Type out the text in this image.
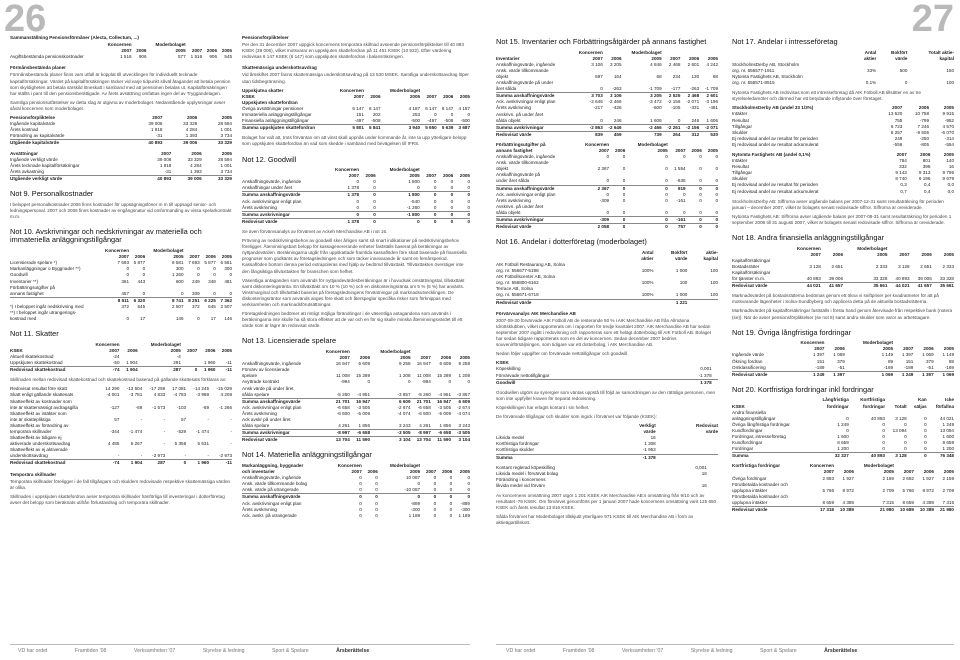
26	27
Sammanställning Pensionsförmåner (Alecta, Collectum, ...)
	Koncernen		Moderbolaget			
	2007	2006	2005	2007	2006	2005
Avgiftsbestämda pensionskostnader	1 516	906	577	1 516	906	545
Förmånsbestämda planer
Förmånsbestämda planer finns vars utfall är kopplat till utvecklingen för individuellt tecknade kapitalförsäkringar. Värdet på kapitalförsäkringen täcker vid varje tidpunkt såväl åtagandet att betala pension som skyldigheten att betala särskild löneskatt i samband med att pensionen betalas ut. Kapitalförsäkringen har ställts i pant till den pensionsberättigade. Av årets avsättning omfattas ingen del av Tryggandelagen.
Samtliga pensionsutfästelser av detta slag är utgivna av moderbolaget. Nedanstående upplysningar avser såväl koncernen som moderbolaget.
Pensionsförpliktelse	2007	2006	2005
Ingående kapitalvärde	39 006	33 329	28 594
Årets kostnad	1 918	4 284	1 001
Förändring av kapitalvärde	-31	1 393	3 734
Utgående kapitalvärde	40 893	39 006	33 329
Avsättningar	2007	2006	2005
Ingående verkligt värde	39 006	33 329	28 594
Årets tecknade kapitalförsäkringar	1 918	4 284	1 001
Årets avkastning	-31	1 393	3 734
Utgående verkligt värde	40 893	39 006	33 329
Not 9. Personalkostnader
I beloppet personalkostnader 2006 finns kostnader för uppsägningslöner m m till uppsagd senior- och ledningspersonal. 2007 och 2006 finns kostnader av engångsnatur vid omformanding av vissa spelarkontrakt m.m.
Not 10. Avskrivningar och nedskrivningar av materiella och immateriella anläggningstillgångar
	Koncernen		Moderbolaget			
	2007	2006	2005	2007	2006	2005
Licensierade spelare *)	7 693	5 877	6 581	7 693	5 877	6 581
Markanläggningar o Byggnader **)	0	0	300	0	0	300
Goodwill	0	0	1 260	0	0	0
Inventarier **)	361	443	600	249	348	481
Förbättringsutgifter på						
annans fastighet	457	0	0	309	0	0
	8 511	6 320	8 741	8 251	6 225	7 362
*) I beloppet ingår nedskrivning med	372	645	2 507	372	645	2 507
**) I beloppet ingår utrangerings-						
kostnad med	0	17	146	0	17	146
Not 11. Skatter
	Koncernen		Moderbolaget			
KSEK	2007	2006	2005	2007	2006	2005
Aktuell skattekostnad	-24		-4			
Uppskjuten skattekostnad	-50	1 904	291		1 960	-11
Redovisad skattekostnad	-74	1 904	287	0	1 960	-11
Skillnaden mellan redovisad skattekostnad och skattekostnad baserad på gällande skattesats förklaras av:
Redovisat resultat före skatt	14 290	-13 504	-17 259	17 081	-14 245	-15 029
Skatt enligt gällande skattesats	-4 001	-3 781	4 833	-4 783	-3 988	4 208
Skatteeffekt av kostnader som						
inte är skattemässigt avdragsgilla	-127	-69	-1 573	-103	-69	-1 266
Skatteeffekt av intäkter som						
inte är skattepliktiga	57	-	-	57	-	-
Skatteeffekt av förändring av						
temporära skillnader	-344	-1 474	-	-529	-1 474	-
Skatteeffekt av tidigare ej						
aktiverade underskottsavdrag	4 485	5 267	-	5 358	5 531	-
Skatteeffekt av ej aktiverade						
underskottsavdrag	-	-	-2 973	-	-	-2 973
Redovisad skattekostnad	-74	1 904	287	0	1 960	-11
Temporära skillnader
Temporära skillnader föreligger i de fall tillgångars och skulders redovisade respektive skattemässiga värden är olika.
Skillnaden i uppskjuten skattefordran avser temporära skillnader hänförliga till investeringar i dotterföretag avser det belopp som beräknats utifrån förlustavdrag och temporära skillnader.
Pensionsförpliktelser
Per den 31 december 2007 uppgick koncernens temporära skillnad avseende pensionsförpliktelser till 40 893 KSEK (39 006), vilket motsvarar en uppskjuten skattefordran på 11 451 KSEK (10 922). Efter värdering redovisas 6 147 KSEK (6 147) som uppskjuten skattefordran i balansräkningen.
Skattemässiga underskottsavdrag
Vid årsskiftet 2007 fanns skattemässiga underskottsavdrag på 13 530 MSEK. Samtliga underskottsavdrag löper utan tidsbegränsning.
Uppskjutna skatter	Koncernen		Moderbolaget			
KSEK	2007	2006	2005	2007	2006	2005
Uppskjuten skattefordran						
Övriga avsättningar pensioner	6 147	6 147	4 187	6 147	6 147	4 187
Immateriella anläggningstillgångar	151	202	253	0	0	0
Finansiella anläggningstillgångar	-497	-508	-500	-497	-508	-500
Summa uppskjuten skattefordran	5 801	5 841	3 940	5 650	5 639	3 687
Bolaget har valt att, trots förväntan om att vinst skall uppnås under kommande år, inte ta upp ytterligare belopp som uppskjuten skattefordran än vad som skedde i samband med bevägelsen till IFRS.
Not 12. Goodwill
	Koncernen		Moderbolaget			
	2007	2006	2005	2007	2006	2005
Anskaffningsvärde, ingående	0	0	1 800	0	0	0
Anskaffningar under året	1 378	0	0	0	0	0
Summa anskaffningsvärde	1 378	0	1 800	0	0	0
Ack. avskrivningar enligt plan	0	0	-540	0	0	0
Årets avskrivning	0	0	-1 260	0	0	0
Summa avskrivningar	0	0	-1 800	0	0	0
Redovisat värde	1 378	0	0	0	0	0
Se även förvärvsanalys av förvärvet av Ackeh Merchandise AB i not 16.
Prövning av nedskrivningsbehov av goodwill sker årligen samt så snart indikationer på nedskrivningsbehov föreligger. Återvinningsbart belopp för kassagenererande enheter fastställs baserat på beräkningar av nyttjandevärden. Beräkningarna utgår från uppskattade framtida kassaflöden före skatt baserade på finansiella prognoser som godkänts av företagsledningen och som täcker innevarande år samt en femårsperiod. Kassaflöden bortom denna period extrapoleras med hjälp av bedömd tillväxttakt. Tillväxttakten överstiger inte den långsiktiga tillväxttakten för branschen som helhet.
Väsentliga antaganden som används för nyttjandevärdesberäkningar är i huvudsak omsättningstal, tillväxttakt samt diskonteringsränta. En tillväxttakt om 10 % (10 %) och en diskonteringsränta om 5 % (5 %) har använts. Vinstmarginal och tillväxttakt baseras på företagsledningens förväntningar på marknadsutvecklingen. De diskonteringsräntor som används anges före skatt och återspeglar specifika risker som förknippas med verksamheten och marknadsförutsättningar.
Företagsledningen bedömer att rimligt möjliga förändringar i de väsentliga antagandena som används i beräkningarna inte skulle ha så stora effekter att de var och en för sig skulle minska återvinningsvärdet till ett värde som är lägre än redovisat värde.
Not 13. Licensierade spelare
	Koncernen		Moderbolaget			
	2007	2006	2005	2007	2006	2005
Anskaffningsvärde, ingående	16 947	6 609	9 258	16 947	6 609	9 258
Förvärv av licensierade						
spelare	11 008	15 289	1 208	11 008	15 289	1 208
Avyttrade kontrakt	-994	0	0	-994	0	0
Ansk värde på under året						
sålda spelare	-5 260	-4 951	-3 857	-5 260	-4 951	-3 857
Summa anskaffningsvärde	21 701	16 947	6 609	21 701	16 947	6 609
Ack. avskrivningar enligt plan	-6 658	-3 505	-2 674	-6 658	-3 505	-2 674
Årets avskrivning	-6 600	-5 009	-4 074	-6 600	-5 009	-4 074
Ack avskr på under året						
sålda spelare	4 261	1 856	3 243	4 261	1 856	3 243
Summa avskrivningar	-8 997	-6 658	-3 505	-8 997	-6 658	-3 505
Redovisat värde	13 704	11 590	3 104	13 704	11 590	3 104
Not 14. Materiella anläggningstillgångar
Markanläggning, byggnader	Koncernen		Moderbolaget			
och inventarier	2007	2006	2005	2007	2006	2005
Anskaffningsvärde, ingående	0	0	10 087	0	0	0
Ansk. värde tillkommande bolag	0	0	0	0	0	0
Ansk. värde på utrangerade	0	0	-10 087	0	0	0
Summa anskaffningsvärde	0	0	0	0	0	0
Ack. avskrivningar enligt plan	0	0	-889	0	0	-889
Årets avskrivning	0	0	-300	0	0	-300
Ack. avskr. på utrangerade	0	0	1 189	0	0	1 189
Not 15. Inventarier och Förbättringsåtgärder på annans fastighet
	Koncernen		Moderbolaget			
Inventarier	2007	2006	2005	2007	2006	2005
Anskaffningsvärde, ingående	3 106	3 205	4 846	2 468	2 601	4 242
Ansk. värde tillkommande						
objekt	597	164	68	234	130	68
Anskaffningsvärde på under						
året sålda	0	-263	-1 709	-177	-263	-1 709
Summa anskaffningsvärde	3 703	3 106	3 205	2 525	2 468	2 601
Ack. avskrivningar enligt plan	-2 646	-2 466	-3 472	-2 156	-2 071	-3 196
Årets avskrivning	-217	-426	-600	-105	-331	-481
Avskrivn. på under året						
sålda objekt	0	246	1 606	0	246	1 606
Summa avskrivningar	-2 863	-2 646	-2 466	-2 261	-2 156	-2 071
Redovisat värde	839	459	739	264	312	530
Förbättringsutgifter på	Koncernen		Moderbolaget			
annans fastighet	2007	2006	2005	2007	2006	2005
Anskaffningsvärde, ingående	0	0	0	0	0	0
Ansk. värde tillkommande						
objekt	2 367	0	0	1 554	0	0
Anskaffningsvärde på						
under året sålda	0	0	0	-635	0	0
Summa anskaffningsvärde	2 367	0	0	919	0	0
Ack. avskrivningar enligt plan	0	0	0	0	0	0
Årets avskrivning	-309	0	0	-161	0	0
Avskrivn. på under året						
sålda objekt	0	0	0	0	0	0
Summa avskrivningar	-309	0	0	-161	0	0
Redovisat värde	2 058	0	0	757	0	0
Not 16. Andelar i dotterföretag (moderbolaget)
		Antal	Bokfört	aktie-
		aktier	värde	kapital
AIK Fotboll Restaurang AB, Solna				
org. nr. 556677-5198		100%	1 000	100
AIK Fotbollscenter AB, Solna				
org. nr. 556800-6162		100%	100	100
Terrace AB, Solna				
org. nr. 556671-6718		100%	1 000	100
Redovisat värde			1 221	
Förvärvsanalys AIK Merchandise AB
2007-09-30 förvärvade AIK Fotboll AB de resterande 50 % i AIK Merchandise AB från Allmänna Idrottsklubben, vilket rapporterats om i rapporten för tredje kvartalet 2007. AIK Merchandise AB har sedan september 2007 ingått i redovisning och rapporteras som ett helägt dotterbolag till AIK Fotboll AB. Bolaget har sedan tidigare rapporterats som en del av koncernen. Sedan december 2007 bedrivs souvenirförsäljningen, som tidigare var ett dotterbolag, i AIK Merchandise AB.
Nedan följer uppgifter om förvärvade nettotillgångar och goodwill.
KSEK		
Köpeskilling	0,001	
Förvärvade nettotillgångar	-1 378	
Goodwill	1 378	
Goodwillen utgörs av synergier som väntas uppstå till följd av samordningen av den rättsliga personen, men som inte uppfyller kraven för separat redovisning.
Köpeskillingen har erlagts kontant i sin helhet.
De förvärvade tillgångar och skulder som ingick i förvärvet var följande (KSEK):
	Verkligt	Redovisat
	värde	värde
Likvida medel	16	
Kortfristiga fordringar	1 308	
Kortfristiga skulder	-1 953	
Summa	-1 378	
Kontant reglerad köpeskilling	0,001		
Likvida medel i förvärvat bolag	16		
Förändring i koncernens			
likvida medel vid förvärv	16		
Av koncernens omsättning 2007 utgör 1 201 KSEK AIK Merchandise AB:s omsättning från 9/10 och av resultatet -79 KSEK. Om förvärvet genomförts per 1 januari 2007 hade koncernens omsättning varit 125 650 KSEK och årets resultat 13 816 KSEK.
Sålda förvärvet har Moderbolaget tillskjutit ytterligare 971 KSEK till AIK Merchandise AB i form av aktieägartillskott.
Not 17. Andelar i intresseföretag
	Antal	Bokfört	Totalt aktie-
	aktier	värde	kapital
StockholmsDerby AB, Stockholm			
org. nr. 556577-1911	33%	500	150
Nytomta Fastighets AB, Stockholm			
org. nr. 556571-8515	0,1%	0	100
Nytomta Fastighets AB redovisas som ett intresseföretag då AIK Fotboll AB tillsätter en av tre styrelseledamöter och därmed har ett betydande inflytande över företaget.
StockholmsDerby AB (andel 33 1/3%)	2007	2006	2005
Intäkter	13 520	10 758	9 915
Resultat	755	-799	-952
Tillgångar	6 723	7 246	4 570
Skulder	8 257	-9 505	-6 070
Ej redovisad andel av resultat för perioden	249	-250	-314
Ej redovisad andel av resultat ackumulerat	-556	-805	-554
Nytomta Fastighets AB (andel 0,1%)	2007	2006	2005
Intäkter	784	801	140
Resultat	332	398	16
Tillgångar	9 143	9 313	9 795
Skulder	8 740	9 196	9 679
Ej redovisad andel av resultat för perioden	0,3	0,4	0,0
Ej redovisad andel av resultat ackumulerat	0,7	0,4	0,0
StockholmsDerby AB: Siffrorna avser utgående balans per 2007-12-31 samt resultaträkning för perioden januari – december 2007, vilket är bolagets senast redovisade siffror. Siffrorna är oreviderade.
Nytomta Fastighets AB: Siffrorna avser utgående balans per 2007-08-31 samt resultaträkning för perioden 1 september 2006 till 31 augusti 2007, vilket är bolagets senast redovisade siffror. Siffrorna är oreviderade.
Not 18. Andra finansiella anläggningstillgångar
	Koncernen		Moderbolaget			
	2007	2006	2005	2007	2006	2005
Kapitalförsäkringar						
Bostadsrätter	3 128	2 651	2 333	3 128	2 651	2 333
Kapitalförsäkringar						
för tjänster m.m.	40 893	39 006	33 328	40 893	39 006	33 328
Redovisat värde	44 021	41 657	35 661	44 021	41 657	35 661
Marknadsvärdet på bostadsrätterna bedömas genom ett ökna vi sniftpriser per kvadratmeter för att på motsvarande lägenheter i Solna-Sundbyberg och applicera detta på de aktuella bostadsrätterna.
Marknadsvärdet på kapitalförsäkringar fastställs i första hand genom återvisade från respektive bank (notera (se)). När de avser pensionsförpliktelser (se not 8) samt andra skulder som varor av arbetstagare.
Not 19. Övriga långfristiga fordringar
	Koncernen		Moderbolaget			
	2007	2006	2005	2007	2006	2005
Ingående värde	1 397	1 069	1 149	1 397	1 069	1 149
Ökning fordran	151	379	89	151	379	89
Omklassificering	-189	-51	-169	-189	-51	-169
Redovisat värde	1 249	1 397	1 069	1 249	1 397	1 069
Not 20. Kortfristiga fordringar inkl fordringar
	Långfristiga	Kortfristiga		Kan	Icke
KSEK	fordringar	fordringar	Totalt	säljas	förfallna
Andra finansiella					
anläggningstillgångar	0	40 893	3 128	0	44 021
Övriga långfristiga fordringar	1 249	0	0	0	1 249
Kundfordringar	0	0	13 094	0	13 094
Fordringar, intresseföretag	1 600	0	0	0	1 600
Kundfordringar	8 659	0	0	0	8 659
Fordringar	1 200	0	0	0	1 200
Summa	32 327	40 893	3 128	0	76 348
Kortfristiga fordringar	Koncernen		Moderbolaget			
	2007	2006	2005	2007	2006	2005
Övriga fordringar	2 893	1 927	2 159	2 692	1 927	2 159
Förutbetalda kostnader och						
upplupna intäkter	5 766	8 972	2 709	5 766	8 972	2 709
Förutbetalda kostnader och						
upplupna intäkter	8 659	4 389	7 315	8 659	4 389	7 315
Redovisat värde	17 318	10 389	21 980	10 689	10 389	21 980
VD har ordet	Framtiden '08	Verksamheten '07	Styrelse & ledning	Sport & Spelare	Årsberättelse	VD har ordet	Framtiden '08	Verksamheten '07	Styrelse & ledning	Sport & Spelare	Årsberättelse
